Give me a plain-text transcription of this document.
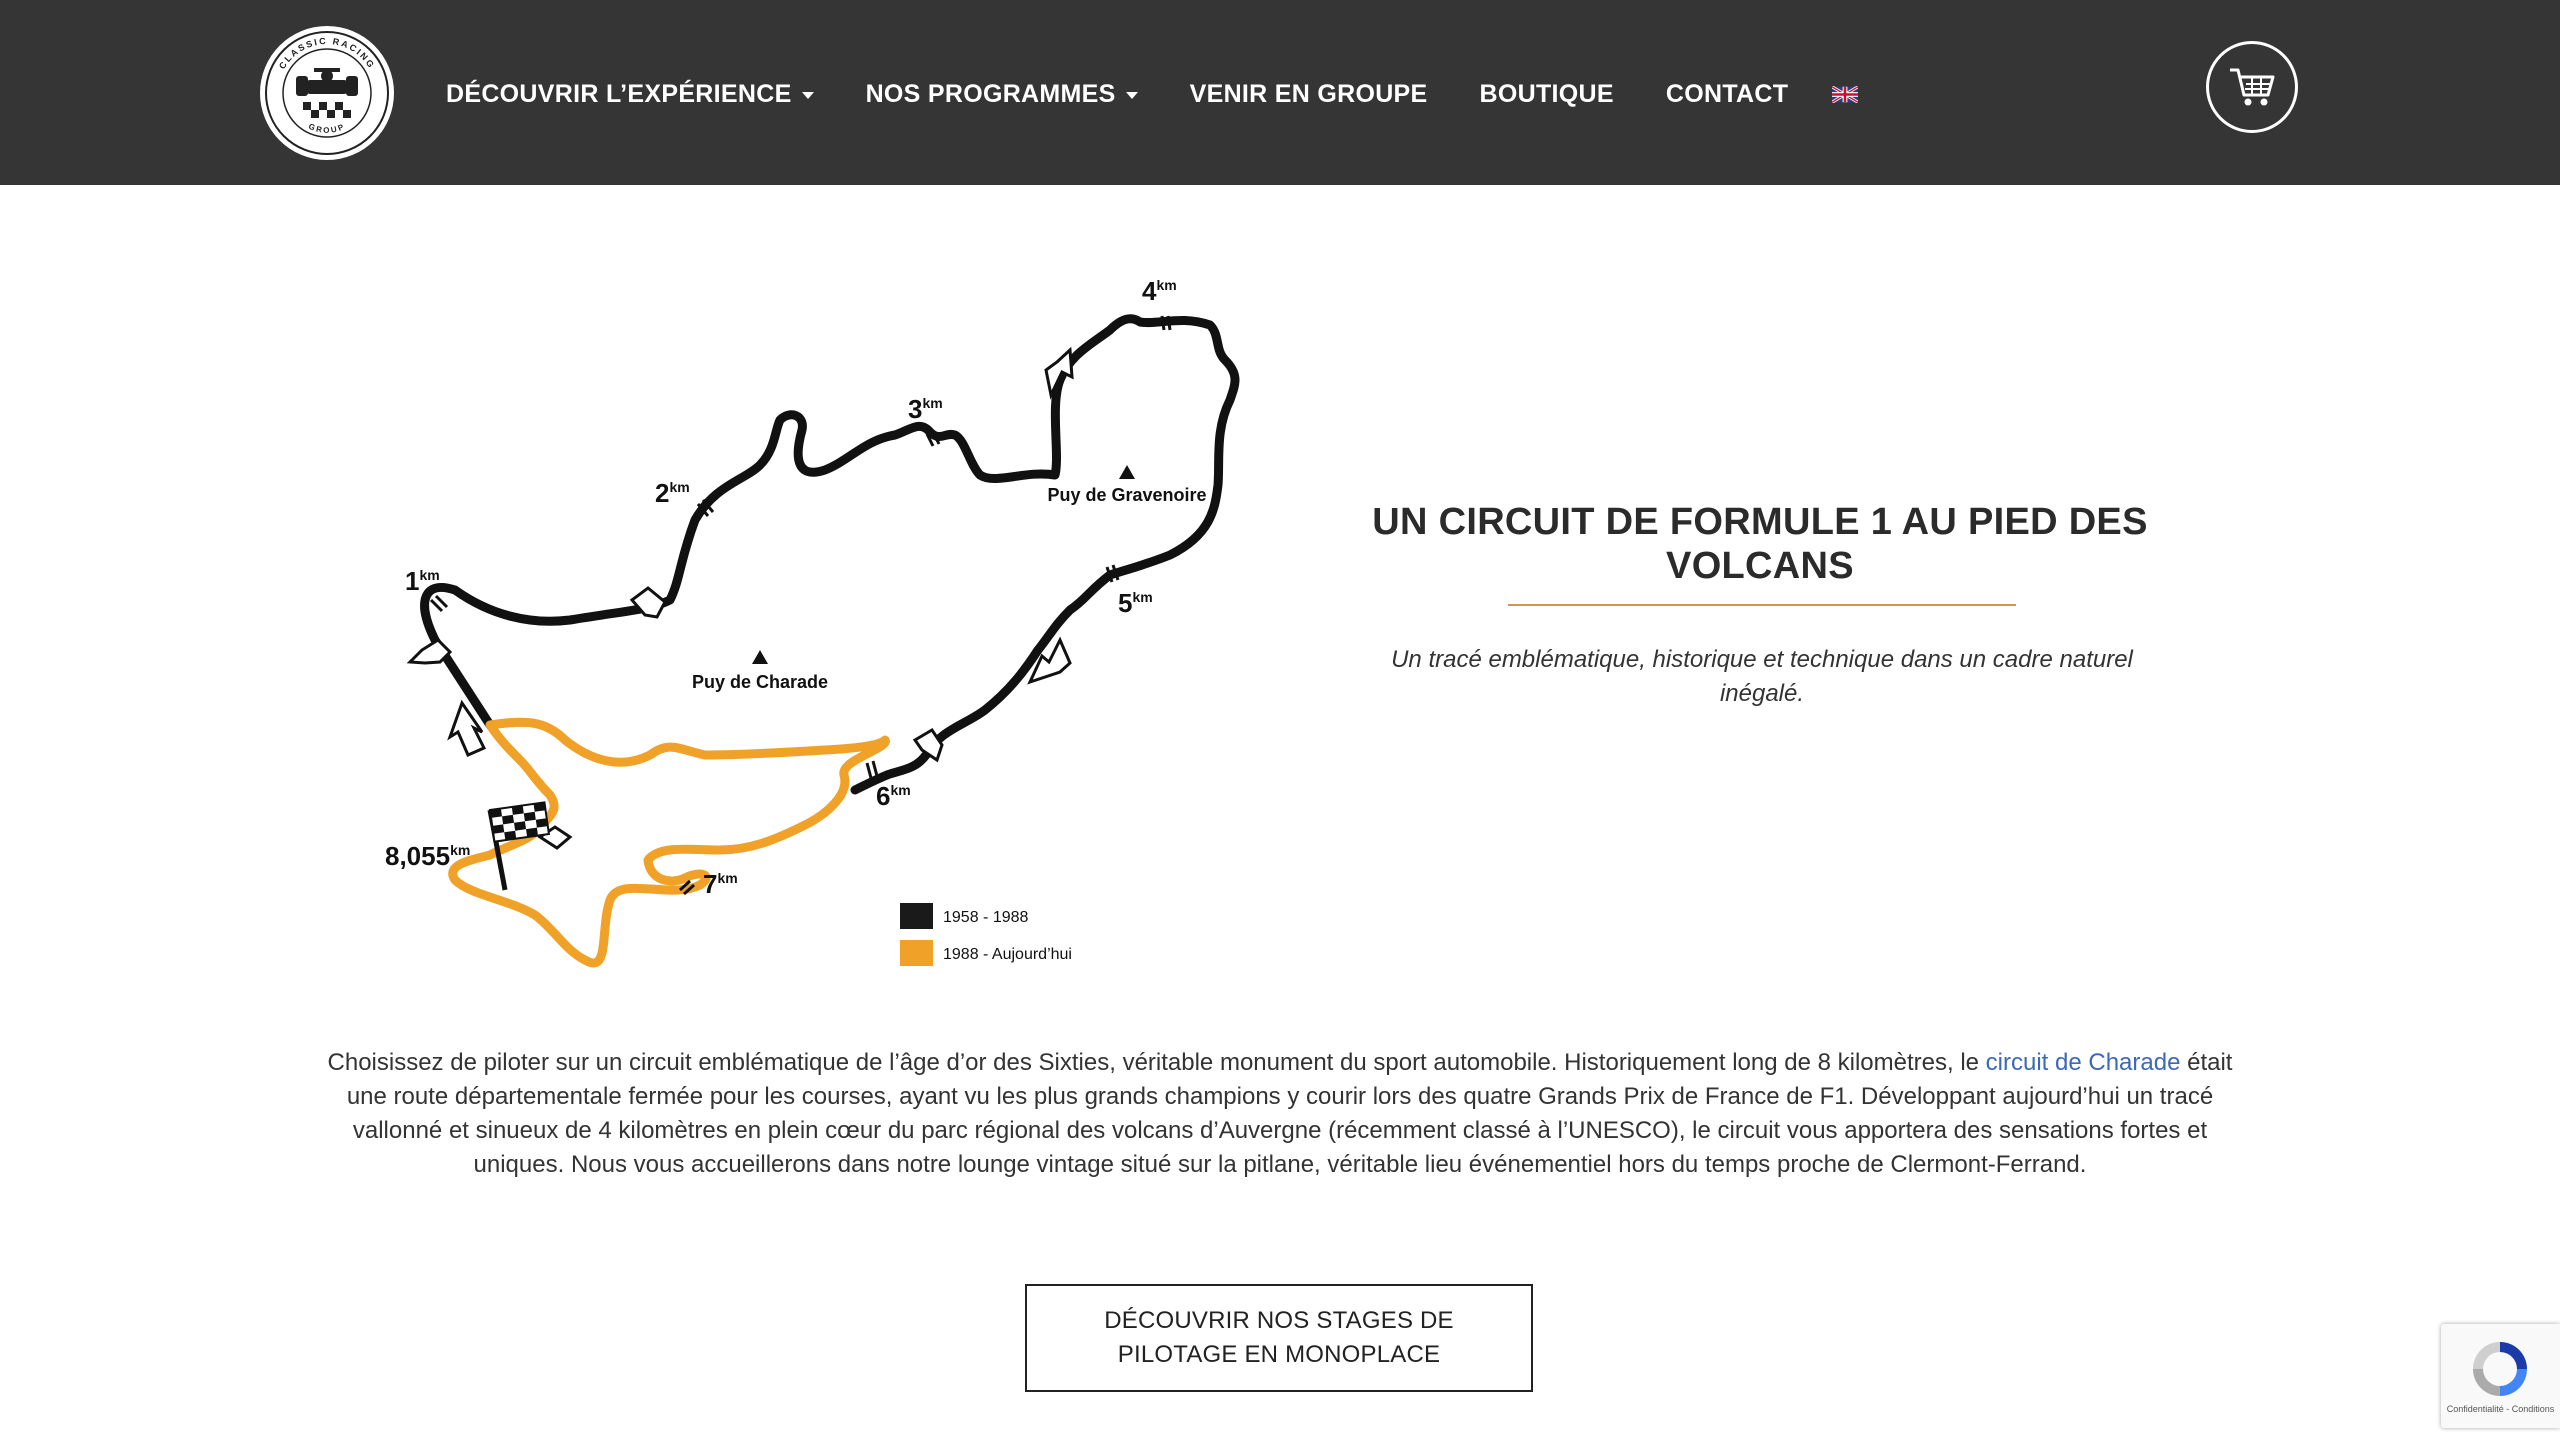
CLASSIC RACING
GROUP
DÉCOUVRIR L’EXPÉRIENCE	NOS PROGRAMMES	VENIR EN GROUPE BOUTIQUE CONTACT
$1^{km}$
$2^{km}$
$3^{km}$
$4^{km}$
$5^{km}$
$6^{km}$
$7^{km}$
$8,055^{km}$
Puy de Gravenoire
Puy de Charade
1958 - 1988
1988 - Aujourd’hui
UN CIRCUIT DE FORMULE 1 AU PIED DES VOLCANS

Un tracé emblématique, historique et technique dans un cadre naturel inégalé.

Choisissez de piloter sur un circuit emblématique de l’âge d’or des Sixties, véritable monument du sport automobile. Historiquement long de 8 kilomètres, le circuit de Charade était une route départementale fermée pour les courses, ayant vu les plus grands champions y courir lors des quatre Grands Prix de France de F1. Développant aujourd’hui un tracé vallonné et sinueux de 4 kilomètres en plein cœur du parc régional des volcans d’Auvergne (récemment classé à l’UNESCO), le circuit vous apportera des sensations fortes et uniques. Nous vous accueillerons dans notre lounge vintage situé sur la pitlane, véritable lieu événementiel hors du temps proche de Clermont-Ferrand.

DÉCOUVRIR NOS STAGES DE PILOTAGE EN MONOPLACE
Confidentialité - Conditions
